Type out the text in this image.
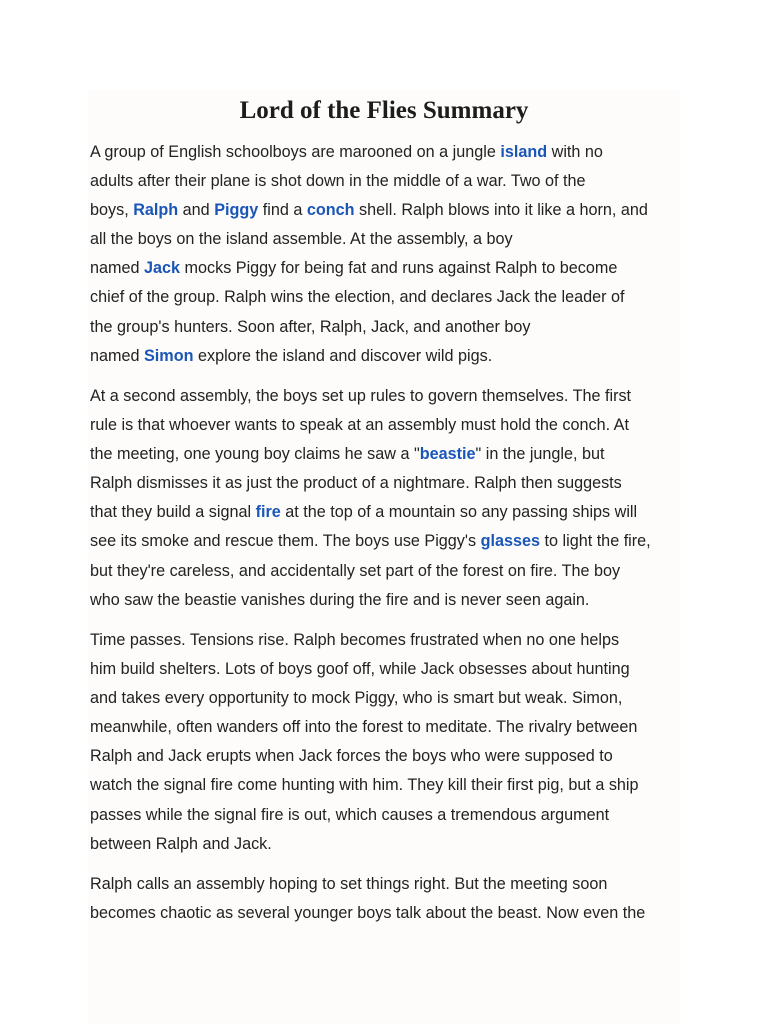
Lord of the Flies Summary
A group of English schoolboys are marooned on a jungle island with no
adults after their plane is shot down in the middle of a war. Two of the
boys, Ralph and Piggy find a conch shell. Ralph blows into it like a horn, and
all the boys on the island assemble. At the assembly, a boy
named Jack mocks Piggy for being fat and runs against Ralph to become
chief of the group. Ralph wins the election, and declares Jack the leader of
the group's hunters. Soon after, Ralph, Jack, and another boy
named Simon explore the island and discover wild pigs.
At a second assembly, the boys set up rules to govern themselves. The first
rule is that whoever wants to speak at an assembly must hold the conch. At
the meeting, one young boy claims he saw a "beastie" in the jungle, but
Ralph dismisses it as just the product of a nightmare. Ralph then suggests
that they build a signal fire at the top of a mountain so any passing ships will
see its smoke and rescue them. The boys use Piggy's glasses to light the fire,
but they're careless, and accidentally set part of the forest on fire. The boy
who saw the beastie vanishes during the fire and is never seen again.
Time passes. Tensions rise. Ralph becomes frustrated when no one helps
him build shelters. Lots of boys goof off, while Jack obsesses about hunting
and takes every opportunity to mock Piggy, who is smart but weak. Simon,
meanwhile, often wanders off into the forest to meditate. The rivalry between
Ralph and Jack erupts when Jack forces the boys who were supposed to
watch the signal fire come hunting with him. They kill their first pig, but a ship
passes while the signal fire is out, which causes a tremendous argument
between Ralph and Jack.
Ralph calls an assembly hoping to set things right. But the meeting soon
becomes chaotic as several younger boys talk about the beast. Now even the
